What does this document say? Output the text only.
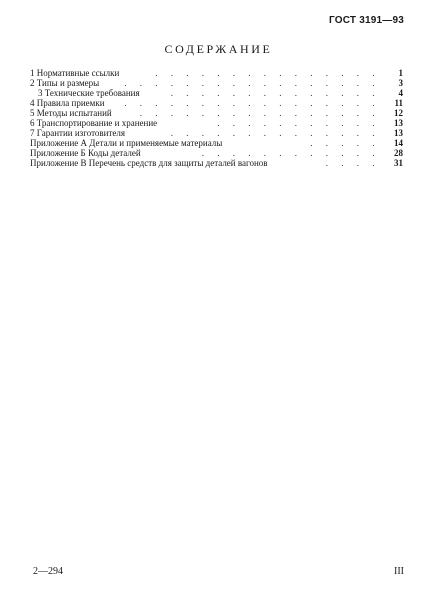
ГОСТ 3191—93
СОДЕРЖАНИЕ
1 Нормативные ссылки	. . . . . . . . . . . . . . . 1
2 Типы и размеры	. . . . . . . . . . . . . . . . . 3
3 Технические требования	. . . . . . . . . . . . . . 4
4 Правила приемки . . . . . . . . . . . . . . . . . 11
5 Методы испытаний	. . . . . . . . . . . . . . . . 12
6 Транспортирование и хранение	. . . . . . . . . . . 13
7 Гарантии изготовителя	. . . . . . . . . . . . . . 13
Приложение А Детали и применяемые материалы	. . . . . 14
Приложение Б Коды деталей	. . . . . . . . . . . . 28
Приложение В Перечень средств для защиты деталей вагонов	. . . . 31
2—294	III
